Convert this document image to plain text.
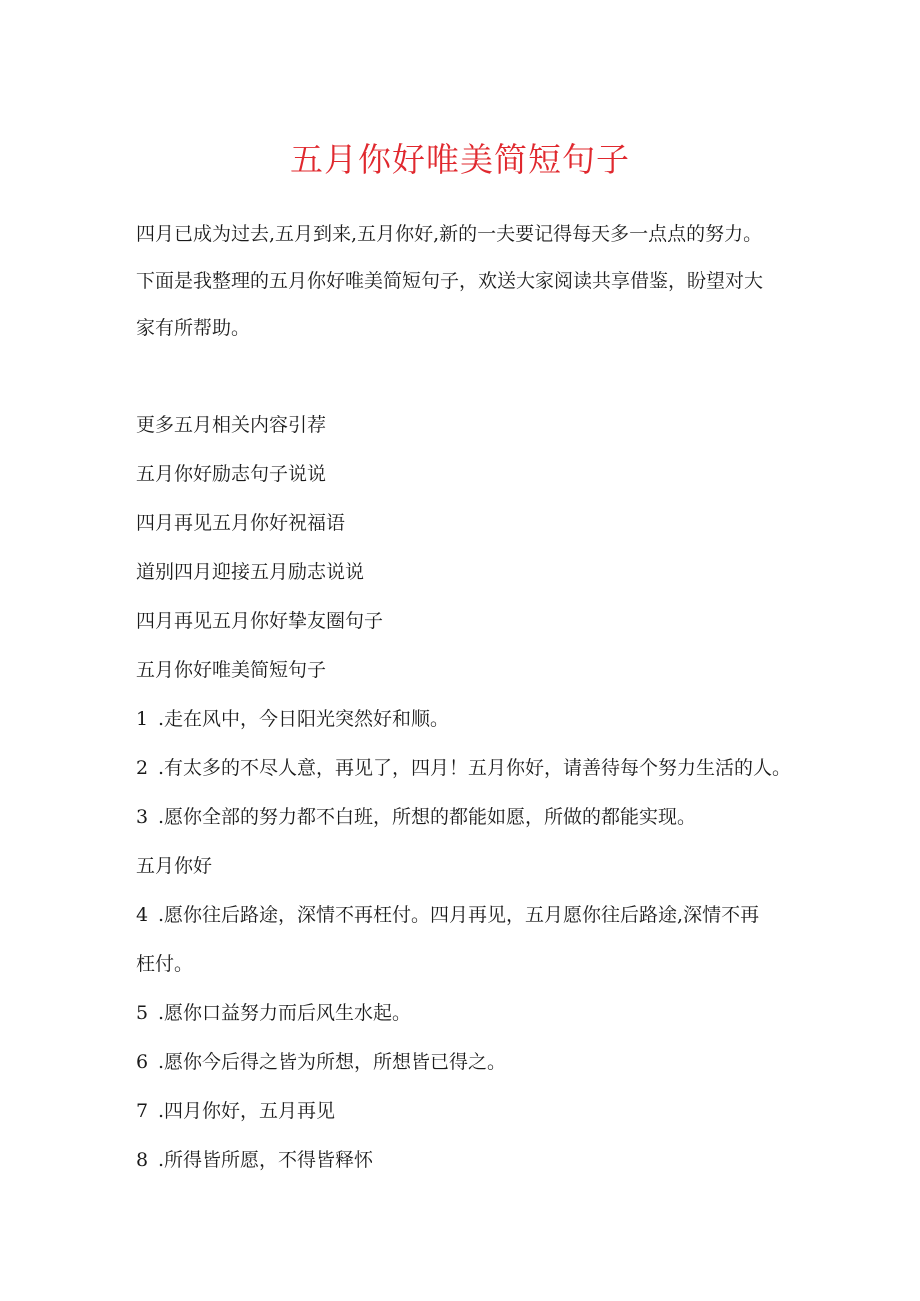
五月你好唯美简短句子

四月已成为过去,五月到来,五月你好,新的一夫要记得每天多一点点的努力。
下面是我整理的五月你好唯美简短句子，欢送大家阅读共享借鉴，盼望对大
家有所帮助。

更多五月相关内容引荐

五月你好励志句子说说

四月再见五月你好祝福语

道别四月迎接五月励志说说

四月再见五月你好挚友圈句子

五月你好唯美简短句子

1 .走在风中，今日阳光突然好和顺。

2 .有太多的不尽人意，再见了，四月！五月你好，请善待每个努力生活的人。

3 .愿你全部的努力都不白班，所想的都能如愿，所做的都能实现。

五月你好

4 .愿你往后路途，深情不再枉付。四月再见，五月愿你往后路途,深情不再

枉付。

5 .愿你口益努力而后风生水起。

6 .愿你今后得之皆为所想，所想皆已得之。

7 .四月你好，五月再见

8 .所得皆所愿，不得皆释怀
